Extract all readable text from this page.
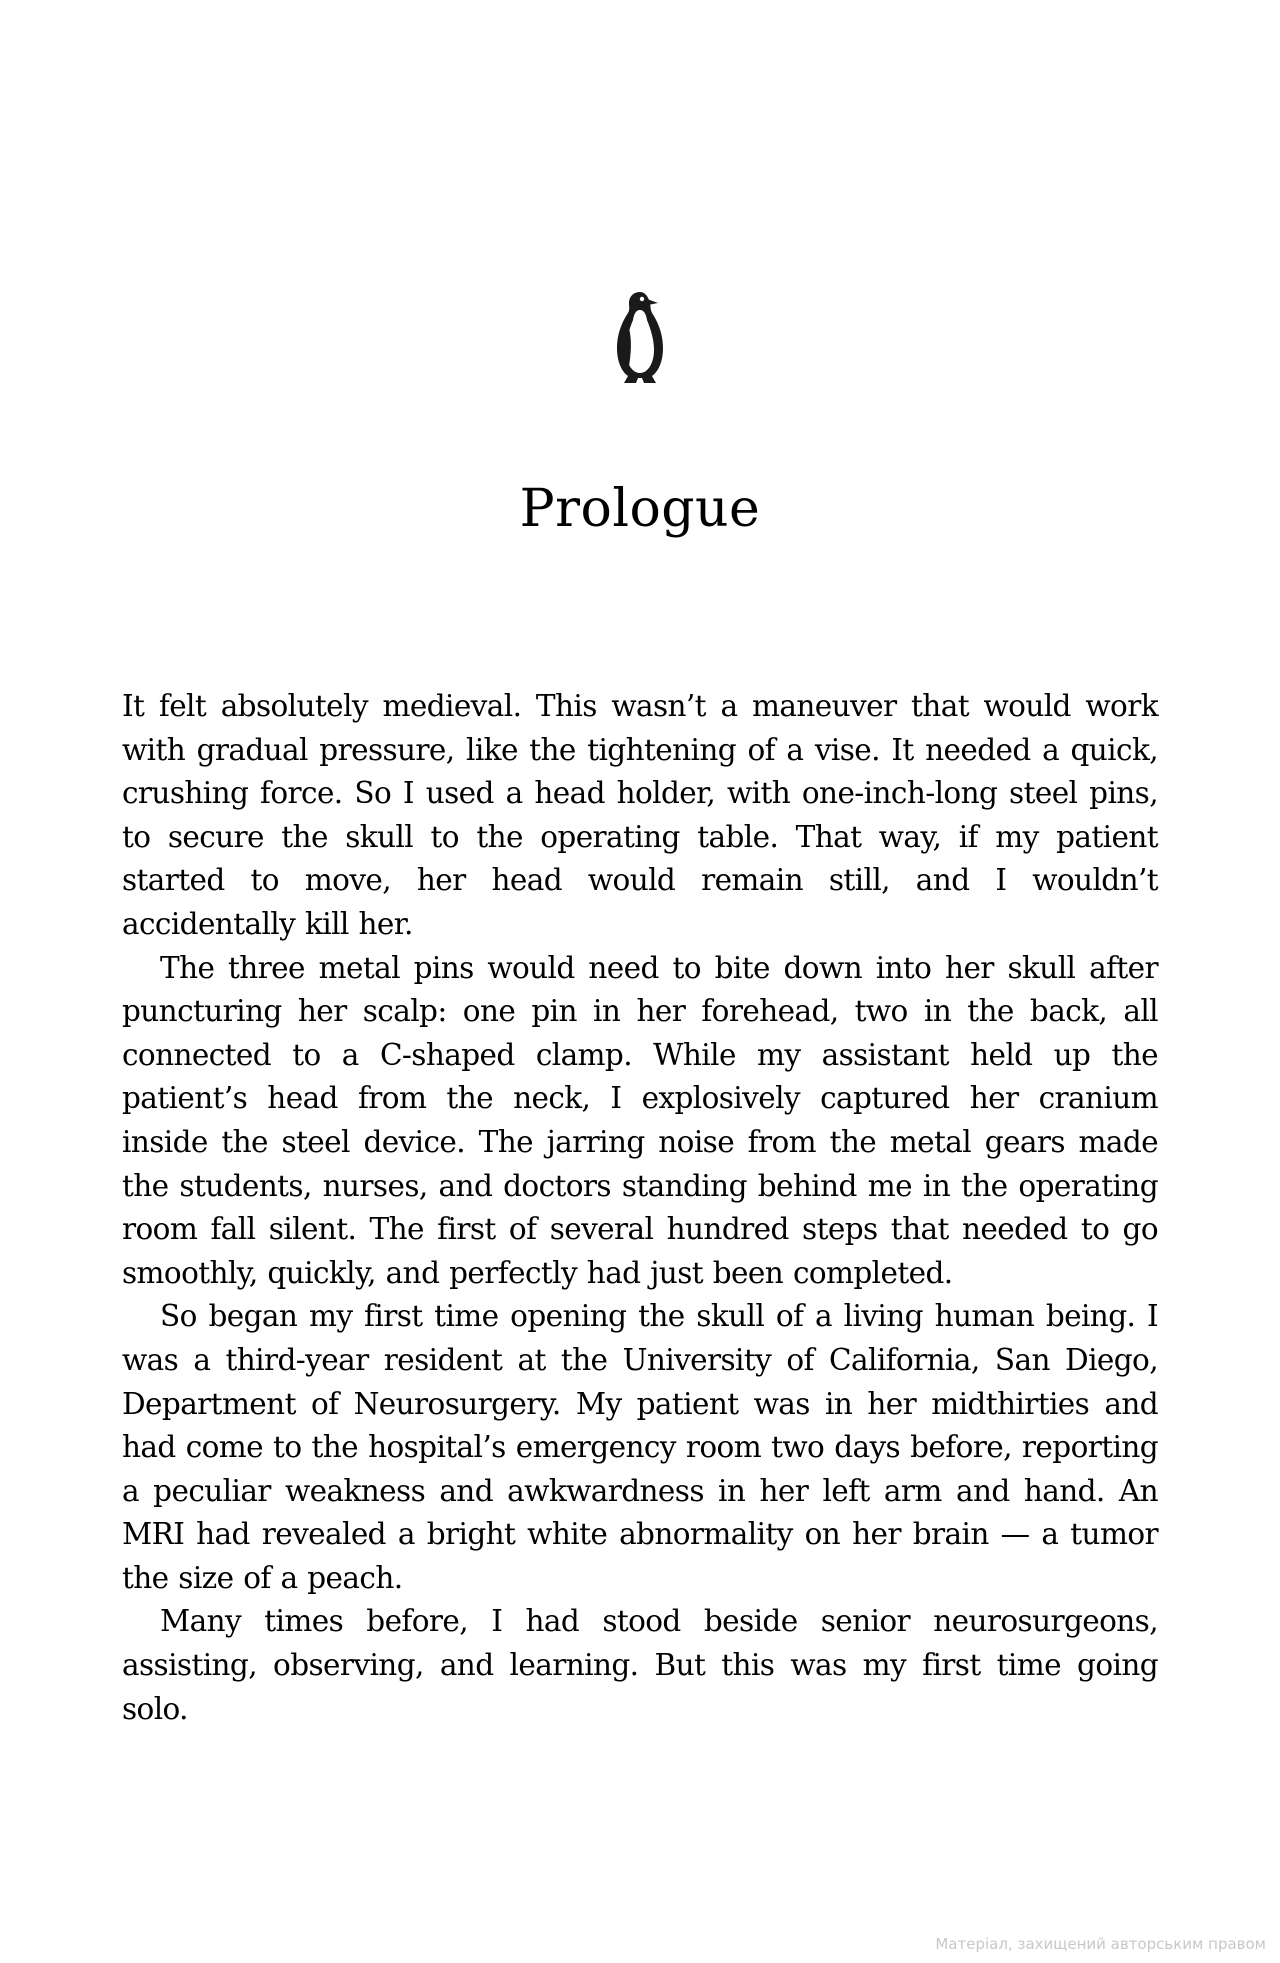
Prologue

It felt absolutely medieval. This wasn’t a maneuver that would work with gradual pressure, like the tightening of a vise. It needed a quick, crushing force. So I used a head holder, with one-inch-long steel pins, to secure the skull to the operating table. That way, if my patient started to move, her head would remain still, and I wouldn’t accidentally kill her.

The three metal pins would need to bite down into her skull after puncturing her scalp: one pin in her forehead, two in the back, all connected to a C-shaped clamp. While my assistant held up the patient’s head from the neck, I explosively captured her cranium inside the steel device. The jarring noise from the metal gears made the students, nurses, and doctors standing behind me in the operating room fall silent. The first of several hundred steps that needed to go smoothly, quickly, and perfectly had just been completed.

So began my first time opening the skull of a living human being. I was a third-year resident at the University of California, San Diego, Department of Neurosurgery. My patient was in her midthirties and had come to the hospital’s emergency room two days before, reporting a peculiar weakness and awkwardness in her left arm and hand. An MRI had revealed a bright white abnormality on her brain — a tumor the size of a peach.

Many times before, I had stood beside senior neurosurgeons, assisting, observing, and learning. But this was my first time going solo.

Матеріал, захищений авторським правом
